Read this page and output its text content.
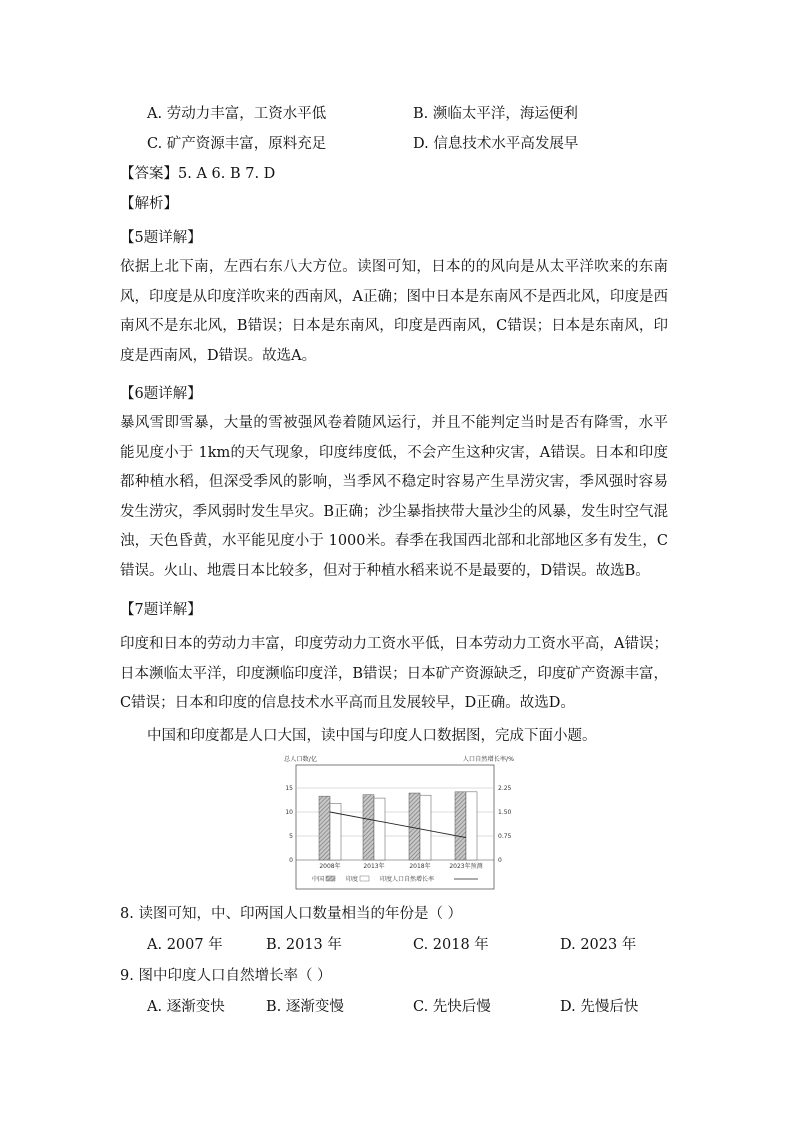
A. 劳动力丰富，工资水平低	B. 濒临太平洋，海运便利
C. 矿产资源丰富，原料充足	D. 信息技术水平高发展早
【答案】5. A 6. B 7. D
【解析】
【5题详解】
依据上北下南，左西右东八大方位。读图可知，日本的的风向是从太平洋吹来的东南风，印度是从印度洋吹来的西南风，A正确；图中日本是东南风不是西北风，印度是西南风不是东北风，B错误；日本是东南风，印度是西南风，C错误；日本是东南风，印度是西南风，D错误。故选A。
【6题详解】
暴风雪即雪暴，大量的雪被强风卷着随风运行，并且不能判定当时是否有降雪，水平能见度小于 1km的天气现象，印度纬度低，不会产生这种灾害，A错误。日本和印度都种植水稻，但深受季风的影响，当季风不稳定时容易产生旱涝灾害，季风强时容易发生涝灾，季风弱时发生旱灾。B正确；沙尘暴指挟带大量沙尘的风暴，发生时空气混浊，天色昏黄，水平能见度小于 1000米。春季在我国西北部和北部地区多有发生，C错误。火山、地震日本比较多，但对于种植水稻来说不是最要的，D错误。故选B。
【7题详解】
印度和日本的劳动力丰富，印度劳动力工资水平低，日本劳动力工资水平高，A错误；日本濒临太平洋，印度濒临印度洋，B错误；日本矿产资源缺乏，印度矿产资源丰富，C错误；日本和印度的信息技术水平高而且发展较早，D正确。故选D。
中国和印度都是人口大国，读中国与印度人口数据图，完成下面小题。
总人口数/亿	人口自然增长率/%
0
5
10
15
0
0.75
1.50
2.25
2008年	2013年	2018年	2023年预测
中国	印度	印度人口自然增长率
8. 读图可知，中、印两国人口数量相当的年份是（ ）
A. 2007 年	B. 2013 年	C. 2018 年	D. 2023 年
9. 图中印度人口自然增长率（ ）
A. 逐渐变快	B. 逐渐变慢	C. 先快后慢	D. 先慢后快
